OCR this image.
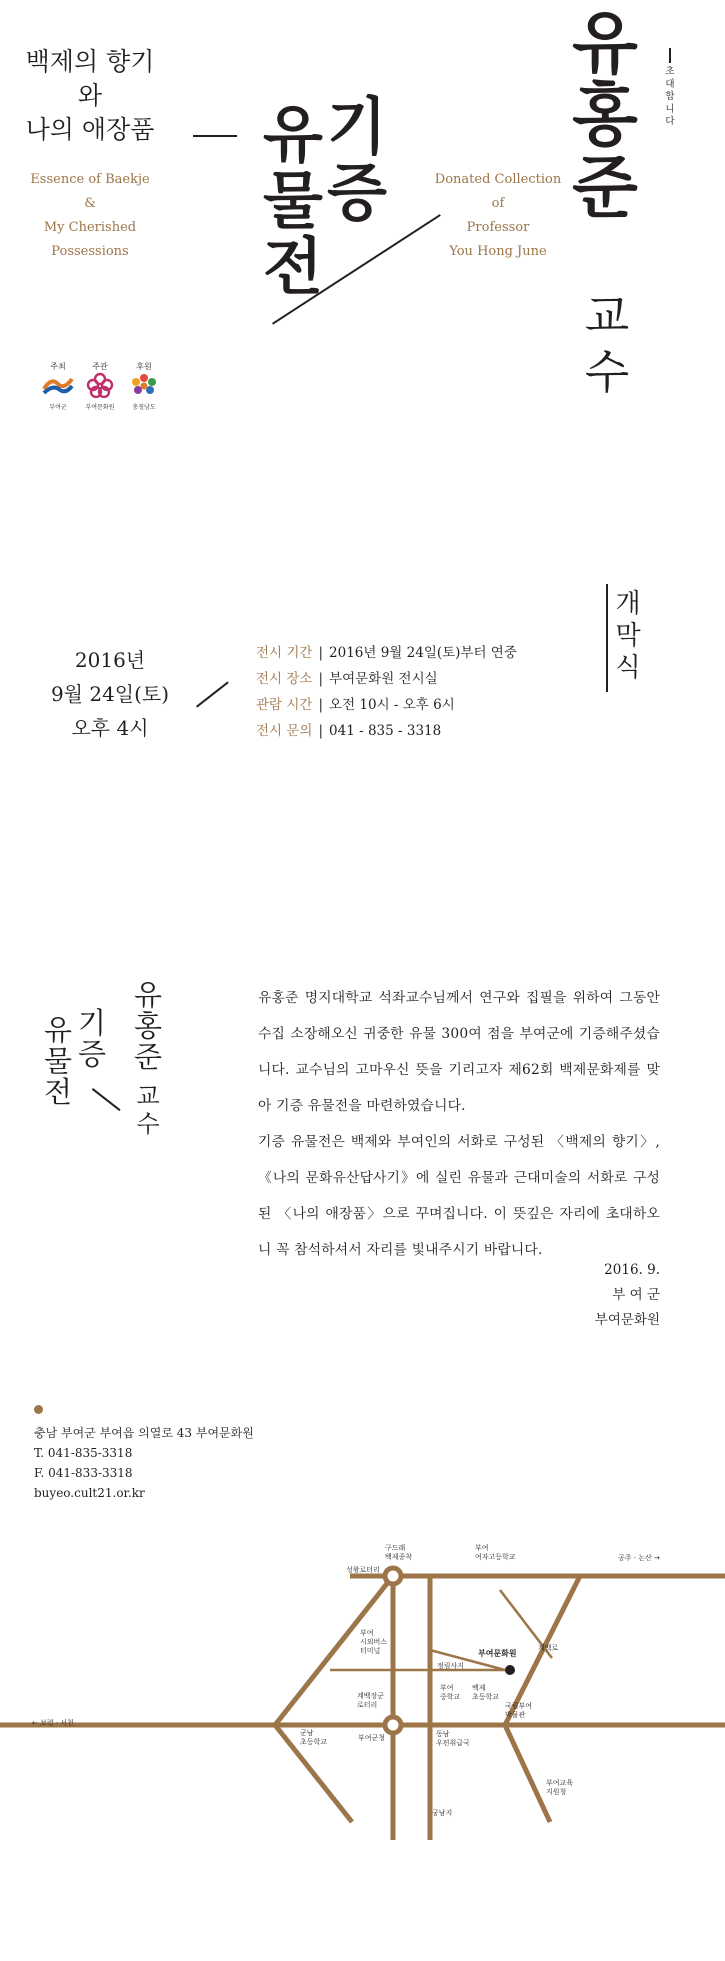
백제의 향기
와
나의 애장품
Essence of Baekje
&
My Cherished
Possessions
유
물
전
기
증	Donated Collection
of
Professor
You Hong June
유
홍
준
교
수
초
대
합
니
다
주최
부여군
주관
부여문화원
후원
충청남도
개
막
식
2016년
9월 24일(토)
오후 4시
전시 기간 | 2016년 9월 24일(토)부터 연중
전시 장소 | 부여문화원 전시실
관람 시간 | 오전 10시 - 오후 6시
전시 문의 | 041 - 835 - 3318
유
물
전
기
증
유
홍
준
교
수

유홍준 명지대학교 석좌교수님께서 연구와 집필을 위하여 그동안 수집 소장해오신 귀중한 유물 300여 점을 부여군에 기증해주셨습니다. 교수님의 고마우신 뜻을 기리고자 제62회 백제문화제를 맞아 기증 유물전을 마련하였습니다.

기증 유물전은 백제와 부여인의 서화로 구성된 〈백제의 향기〉, 《나의 문화유산답사기》에 실린 유물과 근대미술의 서화로 구성된 〈나의 애장품〉으로 꾸며집니다. 이 뜻깊은 자리에 초대하오니 꼭 참석하셔서 자리를 빛내주시기 바랍니다.

2016. 9.
부 여 군
부여문화원
충남 부여군 부여읍 의열로 43 부여문화원
T. 041-835-3318
F. 041-833-3318
buyeo.cult21.or.kr
구드래 백제종착
부여 여자고등학교	공주 · 논산 →
성왕로터리
부여 시외버스 터미널
정림사지
부여문화원
계백로
계백장군 로터리
부여 중학교
백제 초등학교
국립부여 박물관
← 보령 · 서천
군남 초등학교	부여군청	동남 우편취급국
부여교육 지원청
궁남지
